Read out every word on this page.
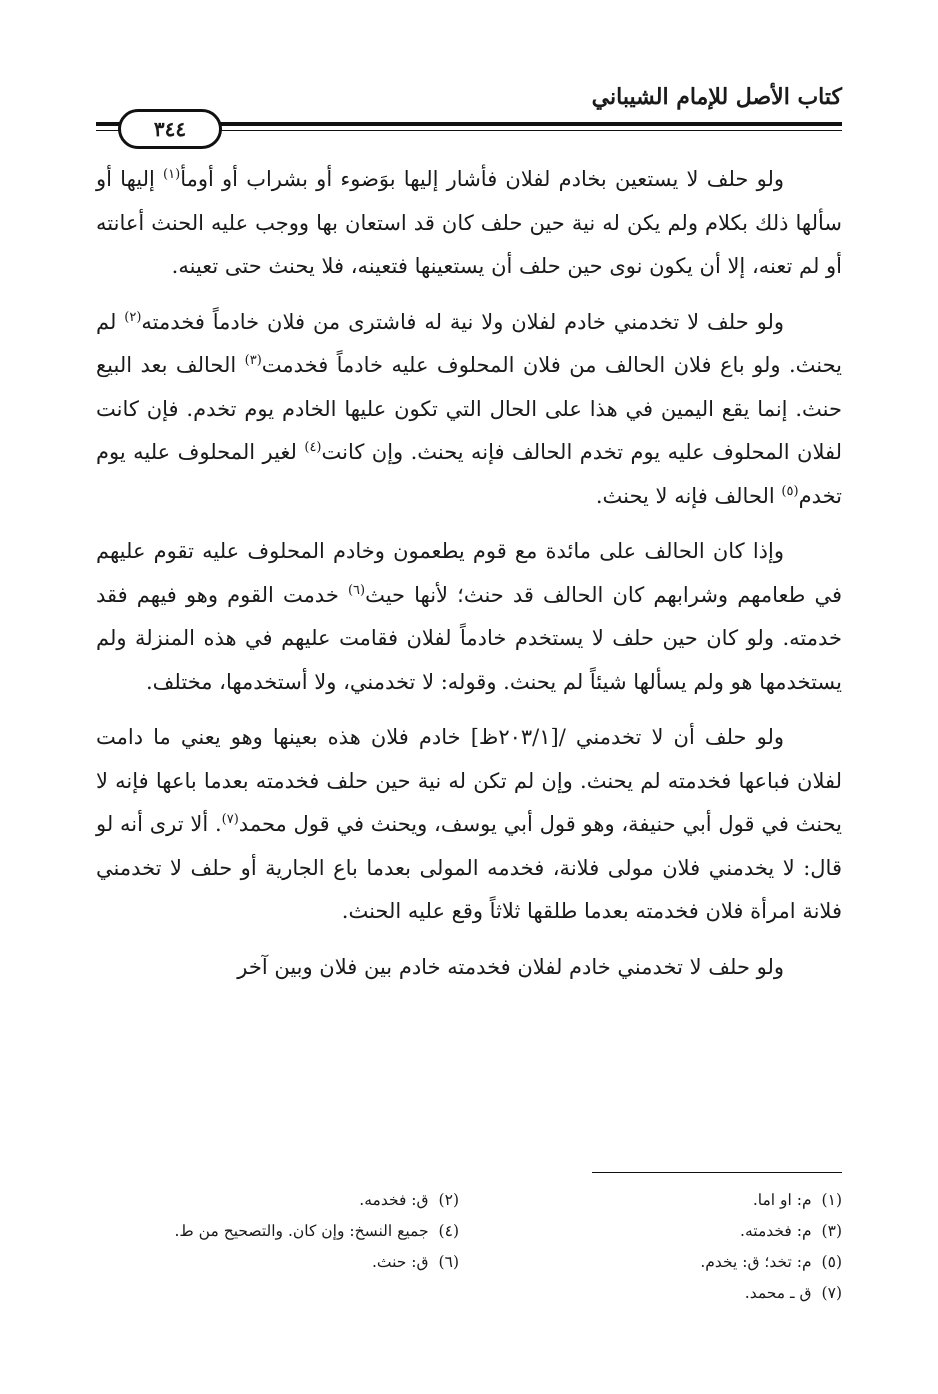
كتاب الأصل للإمام الشيباني
٣٤٤

ولو حلف لا يستعين بخادم لفلان فأشار إليها بوَضوء أو بشراب أو أومأ$^{(١)}$ إليها أو سألها ذلك بكلام ولم يكن له نية حين حلف كان قد استعان بها ووجب عليه الحنث أعانته أو لم تعنه، إلا أن يكون نوى حين حلف أن يستعينها فتعينه، فلا يحنث حتى تعينه.

ولو حلف لا تخدمني خادم لفلان ولا نية له فاشترى من فلان خادماً فخدمته$^{(٢)}$ لم يحنث. ولو باع فلان الحالف من فلان المحلوف عليه خادماً فخدمت$^{(٣)}$ الحالف بعد البيع حنث. إنما يقع اليمين في هذا على الحال التي تكون عليها الخادم يوم تخدم. فإن كانت لفلان المحلوف عليه يوم تخدم الحالف فإنه يحنث. وإن كانت$^{(٤)}$ لغير المحلوف عليه يوم تخدم$^{(٥)}$ الحالف فإنه لا يحنث.

وإذا كان الحالف على مائدة مع قوم يطعمون وخادم المحلوف عليه تقوم عليهم في طعامهم وشرابهم كان الحالف قد حنث؛ لأنها حيث$^{(٦)}$ خدمت القوم وهو فيهم فقد خدمته. ولو كان حين حلف لا يستخدم خادماً لفلان فقامت عليهم في هذه المنزلة ولم يستخدمها هو ولم يسألها شيئاً لم يحنث. وقوله: لا تخدمني، ولا أستخدمها، مختلف.

ولو حلف أن لا تخدمني /[٢٠٣/١ظ] خادم فلان هذه بعينها وهو يعني ما دامت لفلان فباعها فخدمته لم يحنث. وإن لم تكن له نية حين حلف فخدمته بعدما باعها فإنه لا يحنث في قول أبي حنيفة، وهو قول أبي يوسف، ويحنث في قول محمد$^{(٧)}$. ألا ترى أنه لو قال: لا يخدمني فلان مولى فلانة، فخدمه المولى بعدما باع الجارية أو حلف لا تخدمني فلانة امرأة فلان فخدمته بعدما طلقها ثلاثاً وقع عليه الحنث.

ولو حلف لا تخدمني خادم لفلان فخدمته خادم بين فلان وبين آخر

(١)م: او اما.
(٢)ق: فخدمه.
(٣)م: فخدمته.
(٤)جميع النسخ: وإن كان. والتصحيح من ط.
(٥)م: تخد؛ ق: يخدم.
(٦)ق: حنث.
(٧)ق ـ محمد.
